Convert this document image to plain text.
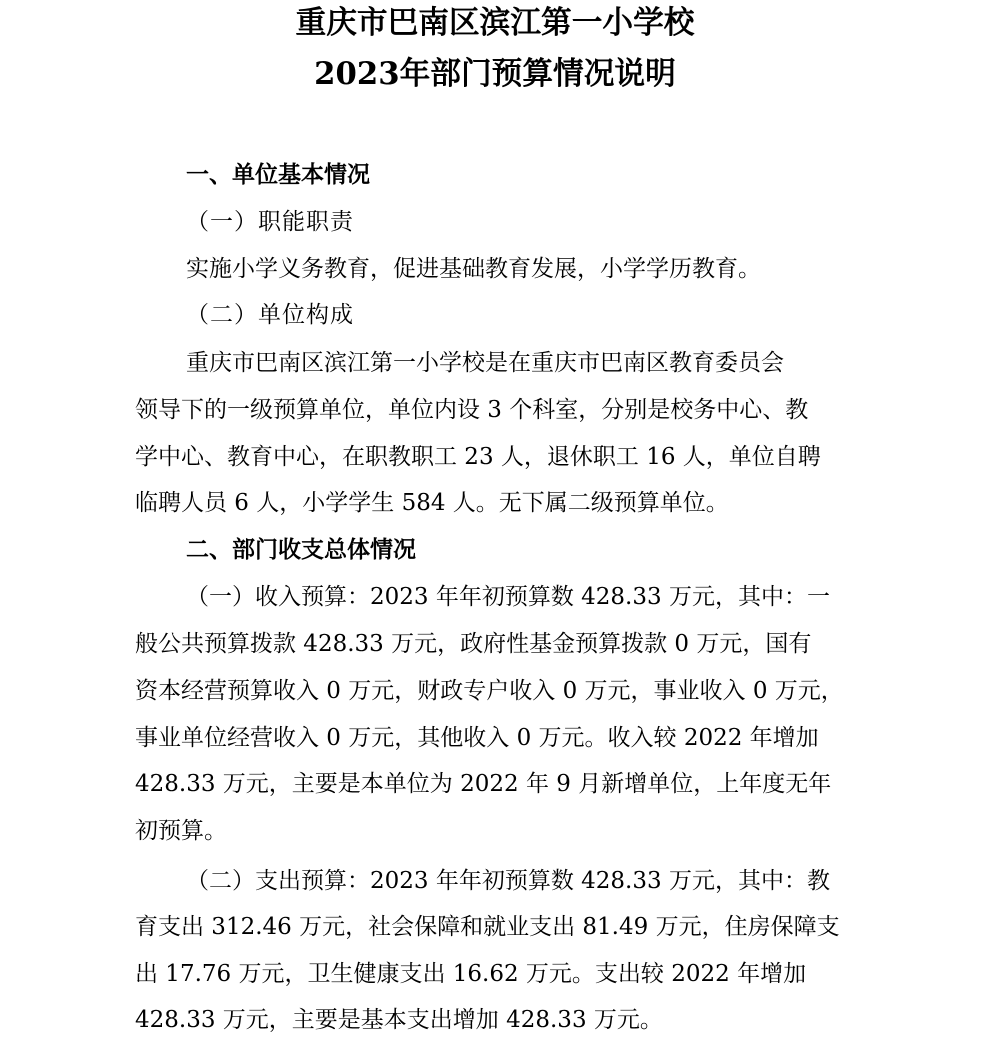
重庆市巴南区滨江第一小学校
2023年部门预算情况说明
一、单位基本情况
（一）职能职责
实施小学义务教育，促进基础教育发展，小学学历教育。
（二）单位构成
重庆市巴南区滨江第一小学校是在重庆市巴南区教育委员会
领导下的一级预算单位，单位内设 3 个科室，分别是校务中心、教
学中心、教育中心，在职教职工 23 人，退休职工 16 人，单位自聘
临聘人员 6 人，小学学生 584 人。无下属二级预算单位。
二、部门收支总体情况
（一）收入预算：2023 年年初预算数 428.33 万元，其中：一
般公共预算拨款 428.33 万元，政府性基金预算拨款 0 万元，国有
资本经营预算收入 0 万元，财政专户收入 0 万元，事业收入 0 万元，
事业单位经营收入 0 万元，其他收入 0 万元。收入较 2022 年增加
428.33 万元，主要是本单位为 2022 年 9 月新增单位，上年度无年
初预算。
（二）支出预算：2023 年年初预算数 428.33 万元，其中：教
育支出 312.46 万元，社会保障和就业支出 81.49 万元，住房保障支
出 17.76 万元，卫生健康支出 16.62 万元。支出较 2022 年增加
428.33 万元，主要是基本支出增加 428.33 万元。
